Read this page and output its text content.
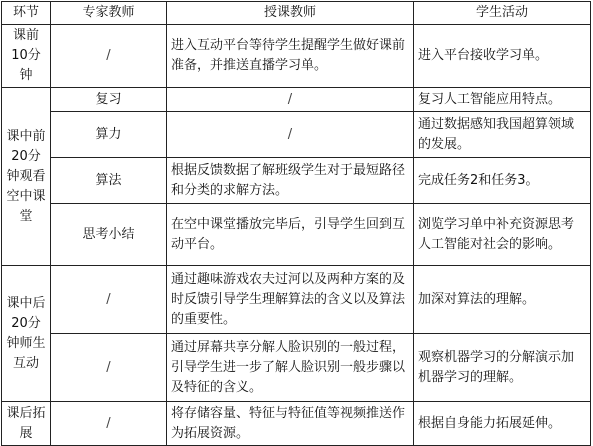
环节	专家教师	授课教师	学生活动
课前10分钟	/	进入互动平台等待学生提醒学生做好课前准备，并推送直播学习单。	进入平台接收学习单。
课中前20分钟观看空中课堂	复习	/	复习人工智能应用特点。
	算力	/	通过数据感知我国超算领域的发展。
	算法	根据反馈数据了解班级学生对于最短路径和分类的求解方法。	完成任务2和任务3。
	思考小结	在空中课堂播放完毕后，引导学生回到互动平台。	浏览学习单中补充资源思考人工智能对社会的影响。
课中后20分钟师生互动	/	通过趣味游戏农夫过河以及两种方案的及时反馈引导学生理解算法的含义以及算法的重要性。	加深对算法的理解。
	/	通过屏幕共享分解人脸识别的一般过程，引导学生进一步了解人脸识别一般步骤以及特征的含义。	观察机器学习的分解演示加机器学习的理解。
课后拓展	/	将存储容量、特征与特征值等视频推送作为拓展资源。	根据自身能力拓展延伸。
